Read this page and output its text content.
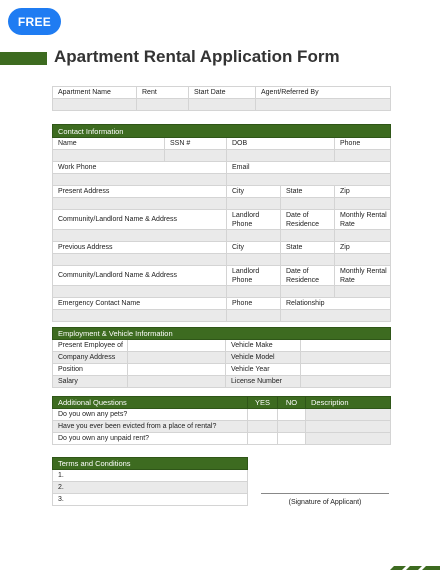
FREE
Apartment Rental Application Form
Apartment Name	Rent	Start Date	Agent/Referred By

Contact Information				
Name	SSN #	DOB		Phone

Work Phone		Email		

Present Address		City	State	Zip

Community/Landlord Name & Address		Landlord Phone	Date of Residence	Monthly Rental Rate

Previous Address		City	State	Zip

Community/Landlord Name & Address		Landlord Phone	Date of Residence	Monthly Rental Rate

Emergency Contact Name		Phone	Relationship	

Employment & Vehicle Information			
Present Employee of		Vehicle Make	
Company Address		Vehicle Model	
Position		Vehicle Year	
Salary		License Number	
Additional Questions	YES	NO	Description
Do you own any pets?			
Have you ever been evicted from a place of rental?			
Do you own any unpaid rent?			
Terms and Conditions
1.
2.
3.	(Signature of Applicant)
